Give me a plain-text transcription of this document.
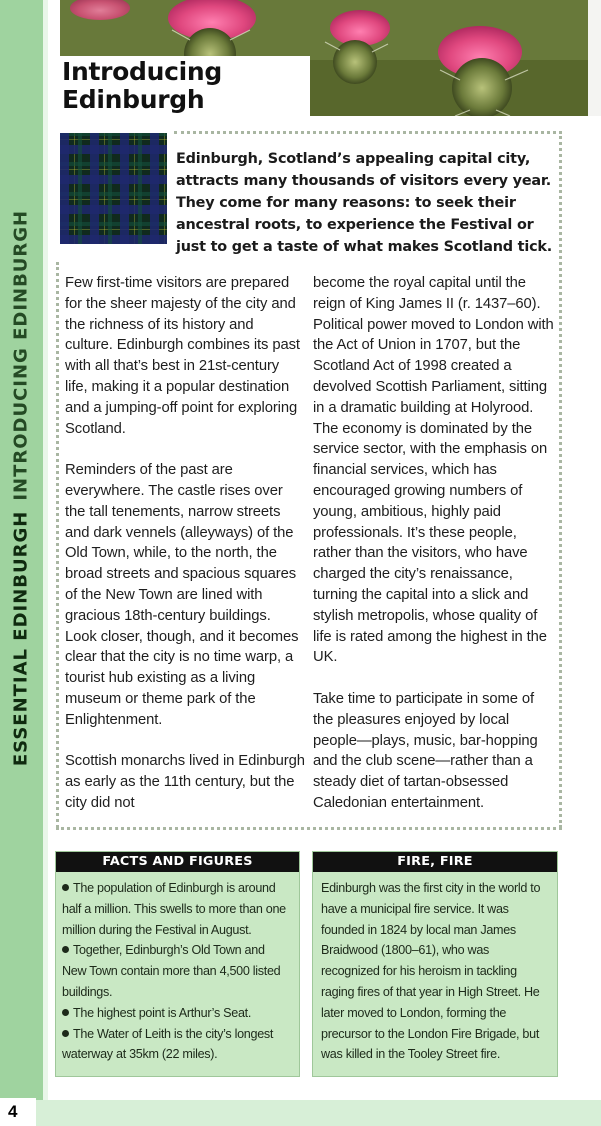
ESSENTIAL EDINBURGHINTRODUCING EDINBURGH
Introducing
Edinburgh
Edinburgh, Scotland’s appealing capital city, attracts many thousands of visitors every year. They come for many reasons: to seek their ancestral roots, to experience the Festival or just to get a taste of what makes Scotland tick.

Few first-time visitors are prepared for the sheer majesty of the city and the richness of its history and culture. Edinburgh combines its past with all that’s best in 21st-century life, making it a popular destination and a jumping-off point for exploring Scotland.

Reminders of the past are everywhere. The castle rises over the tall tenements, narrow streets and dark vennels (alleyways) of the Old Town, while, to the north, the broad streets and spacious squares of the New Town are lined with gracious 18th-century buildings. Look closer, though, and it becomes clear that the city is no time warp, a tourist hub existing as a living museum or theme park of the Enlightenment.

Scottish monarchs lived in Edinburgh as early as the 11th century, but the city did not

become the royal capital until the reign of King James II (r. 1437–60). Political power moved to London with the Act of Union in 1707, but the Scotland Act of 1998 created a devolved Scottish Parliament, sitting in a dramatic building at Holyrood. The economy is dominated by the service sector, with the emphasis on financial services, which has encouraged growing numbers of young, ambitious, highly paid professionals. It’s these people, rather than the visitors, who have charged the city’s renaissance, turning the capital into a slick and stylish metropolis, whose quality of life is rated among the highest in the UK.

Take time to participate in some of the pleasures enjoyed by local people—plays, music, bar-hopping and the club scene—rather than a steady diet of tartan-obsessed Caledonian entertainment.

FACTS AND FIGURES

The population of Edinburgh is around half a million. This swells to more than one million during the Festival in August.

Together, Edinburgh’s Old Town and New Town contain more than 4,500 listed buildings.

The highest point is Arthur’s Seat.

The Water of Leith is the city’s longest waterway at 35km (22 miles).

FIRE, FIRE
Edinburgh was the first city in the world to have a municipal fire service. It was founded in 1824 by local man James Braidwood (1800–61), who was recognized for his heroism in tackling raging fires of that year in High Street. He later moved to London, forming the precursor to the London Fire Brigade, but was killed in the Tooley Street fire.
4
